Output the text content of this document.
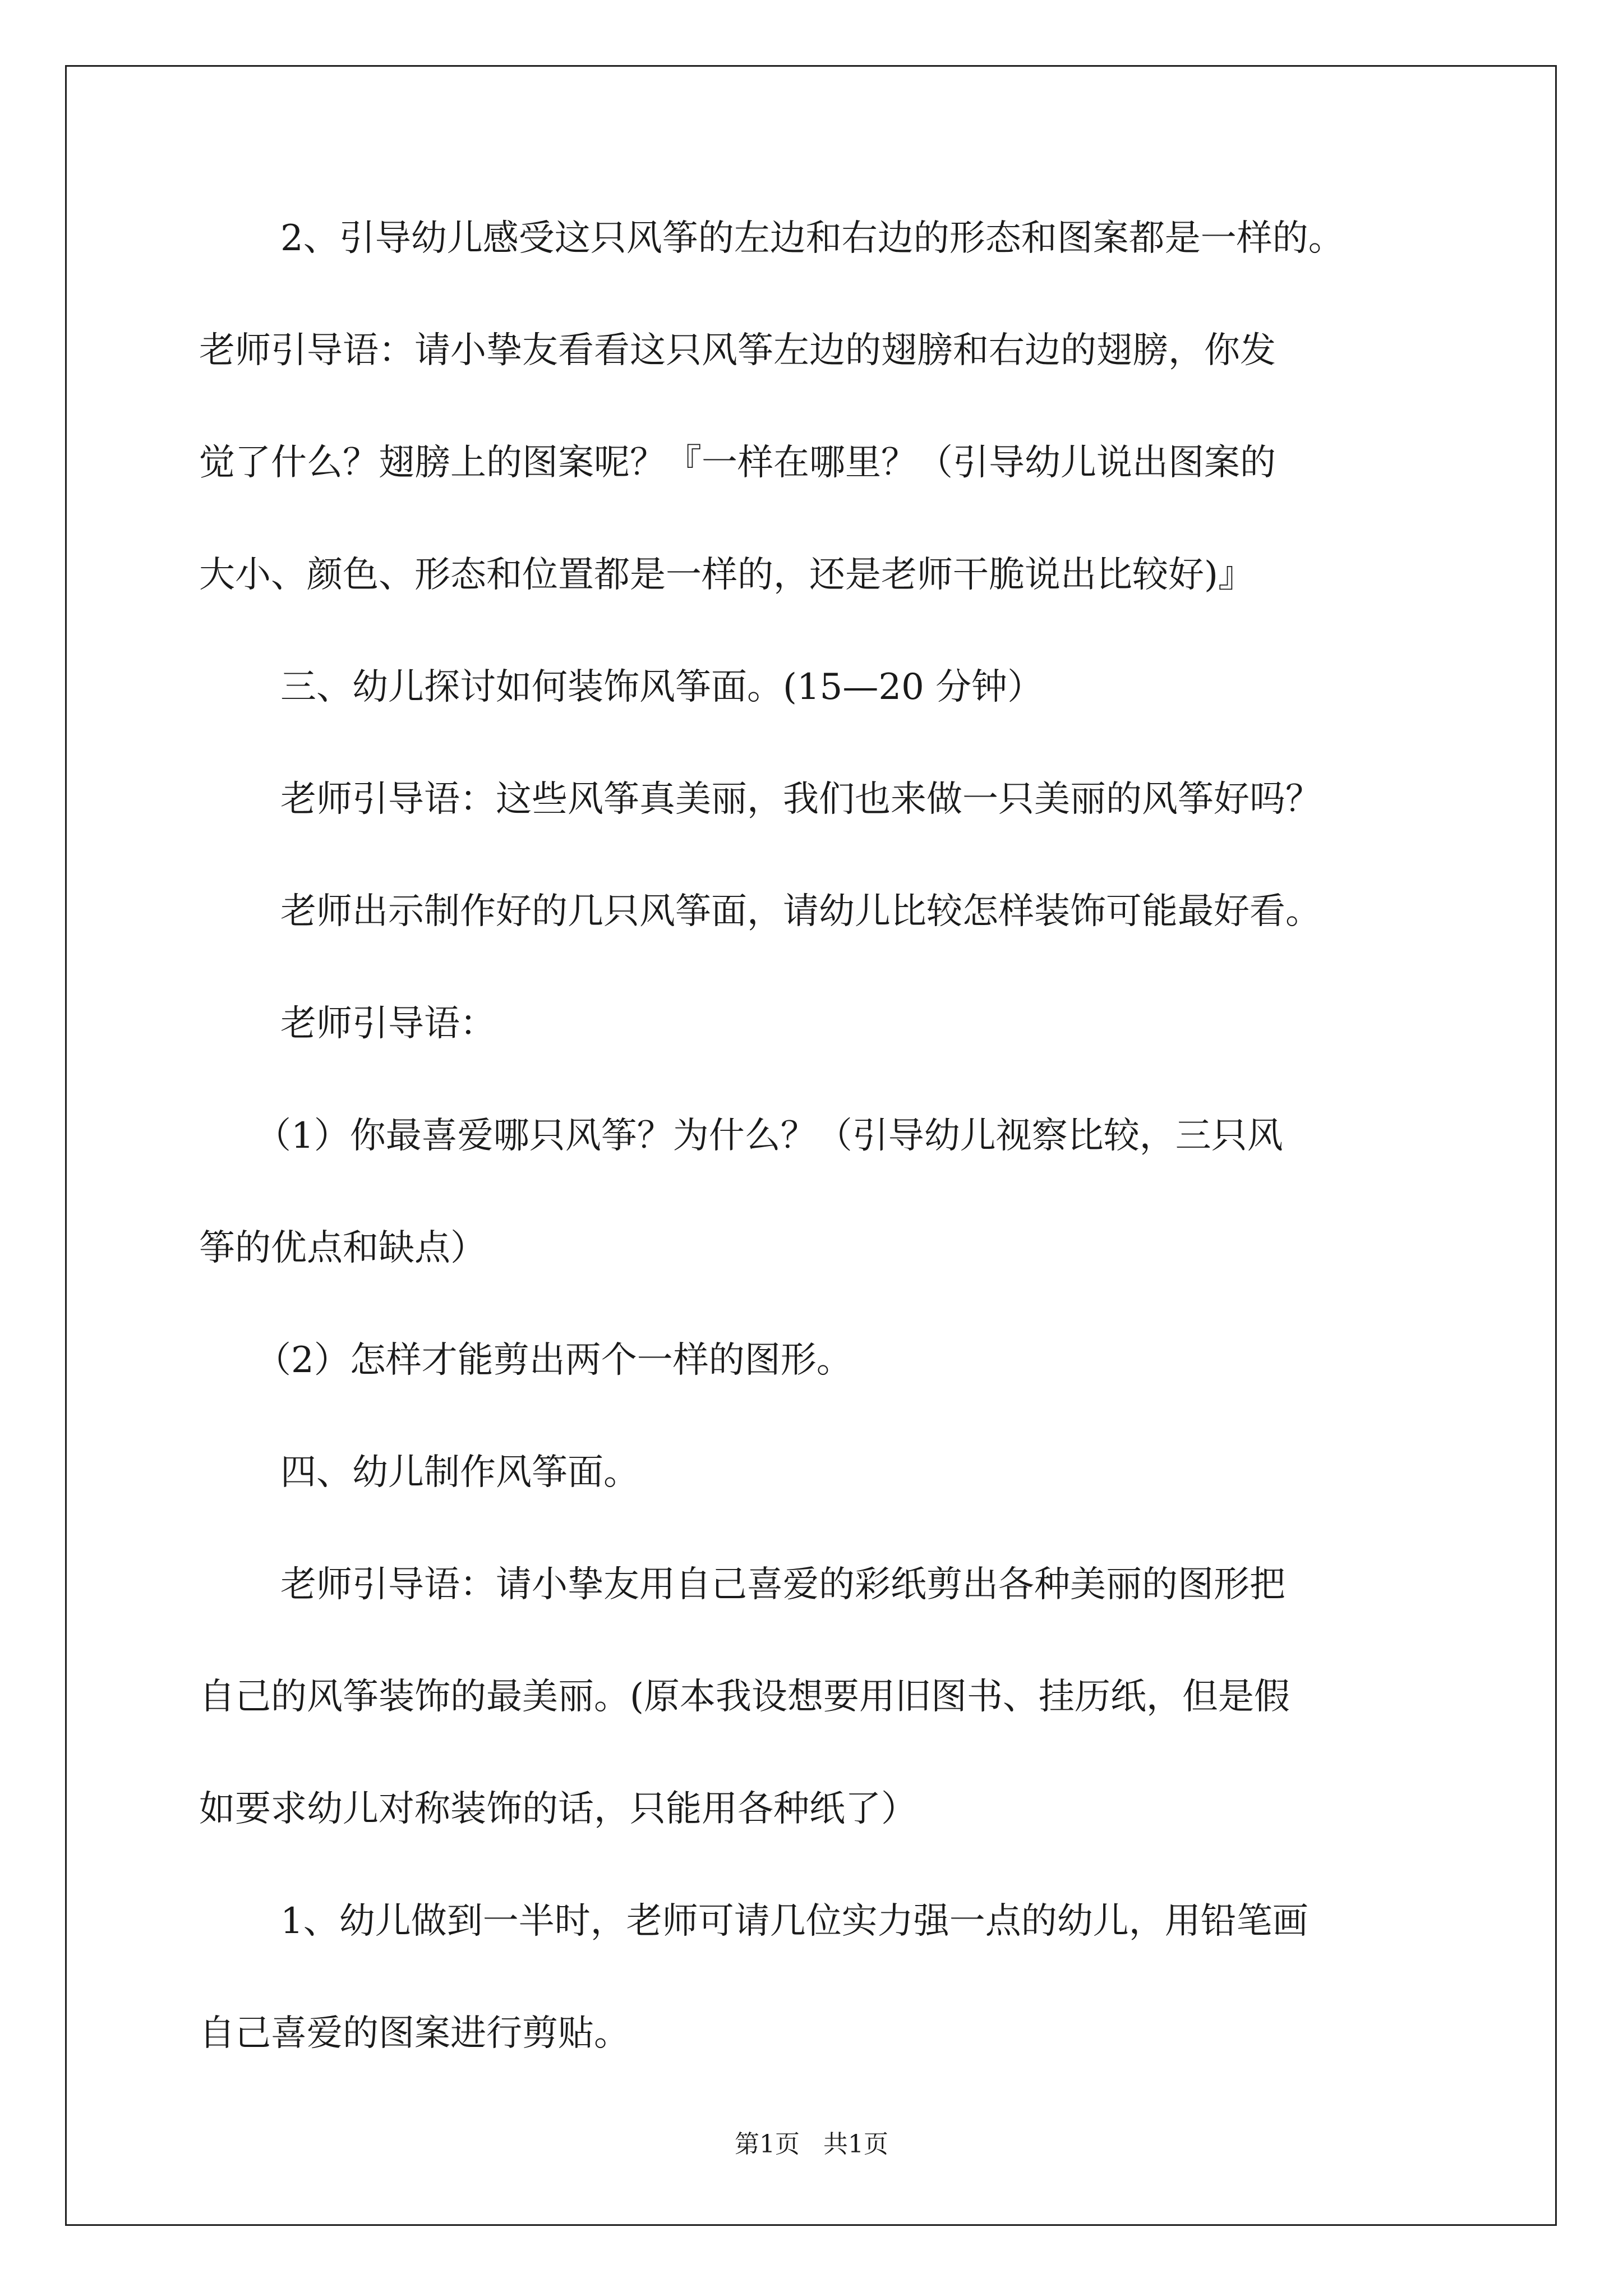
2、引导幼儿感受这只风筝的左边和右边的形态和图案都是一样的。
老师引导语：请小挚友看看这只风筝左边的翅膀和右边的翅膀，你发
觉了什么？翅膀上的图案呢？『一样在哪里？（引导幼儿说出图案的
大小、颜色、形态和位置都是一样的，还是老师干脆说出比较好)』
三、幼儿探讨如何装饰风筝面。(15—20 分钟）
老师引导语：这些风筝真美丽，我们也来做一只美丽的风筝好吗？
老师出示制作好的几只风筝面，请幼儿比较怎样装饰可能最好看。
老师引导语：
（1）你最喜爱哪只风筝？为什么？（引导幼儿视察比较，三只风
筝的优点和缺点）
（2）怎样才能剪出两个一样的图形。
四、幼儿制作风筝面。
老师引导语：请小挚友用自己喜爱的彩纸剪出各种美丽的图形把
自己的风筝装饰的最美丽。(原本我设想要用旧图书、挂历纸，但是假
如要求幼儿对称装饰的话，只能用各种纸了）
1、幼儿做到一半时，老师可请几位实力强一点的幼儿，用铅笔画
自己喜爱的图案进行剪贴。
第1页   共1页
